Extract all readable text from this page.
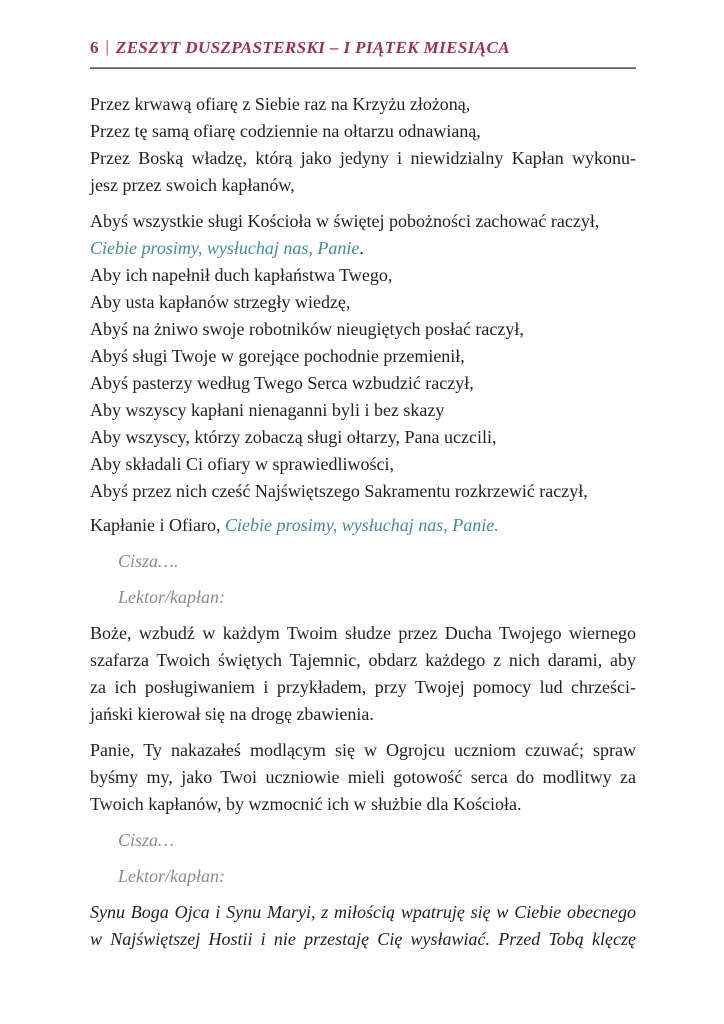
6 | ZESZYT DUSZPASTERSKI – I PIĄTEK MIESIĄCA
Przez krwawą ofiarę z Siebie raz na Krzyżu złożoną,
Przez tę samą ofiarę codziennie na ołtarzu odnawianą,
Przez Boską władzę, którą jako jedyny i niewidzialny Kapłan wykonu-
jesz przez swoich kapłanów,
Abyś wszystkie sługi Kościoła w świętej pobożności zachować raczył,
Ciebie prosimy, wysłuchaj nas, Panie.
Aby ich napełnił duch kapłaństwa Twego,
Aby usta kapłanów strzegły wiedzę,
Abyś na żniwo swoje robotników nieugiętych posłać raczył,
Abyś sługi Twoje w gorejące pochodnie przemienił,
Abyś pasterzy według Twego Serca wzbudzić raczył,
Aby wszyscy kapłani nienaganni byli i bez skazy
Aby wszyscy, którzy zobaczą sługi ołtarzy, Pana uczcili,
Aby składali Ci ofiary w sprawiedliwości,
Abyś przez nich cześć Najświętszego Sakramentu rozkrzewić raczył,
Kapłanie i Ofiaro, Ciebie prosimy, wysłuchaj nas, Panie.
Cisza….
Lektor/kapłan:
Boże, wzbudź w każdym Twoim słudze przez Ducha Twojego wiernego
szafarza Twoich świętych Tajemnic, obdarz każdego z nich darami, aby
za ich posługiwaniem i przykładem, przy Twojej pomocy lud chrześci-
jański kierował się na drogę zbawienia.
Panie, Ty nakazałeś modlącym się w Ogrojcu uczniom czuwać; spraw
byśmy my, jako Twoi uczniowie mieli gotowość serca do modlitwy za
Twoich kapłanów, by wzmocnić ich w służbie dla Kościoła.
Cisza…
Lektor/kapłan:
Synu Boga Ojca i Synu Maryi, z miłością wpatruję się w Ciebie obecnego
w Najświętszej Hostii i nie przestaję Cię wysławiać. Przed Tobą klęczę
